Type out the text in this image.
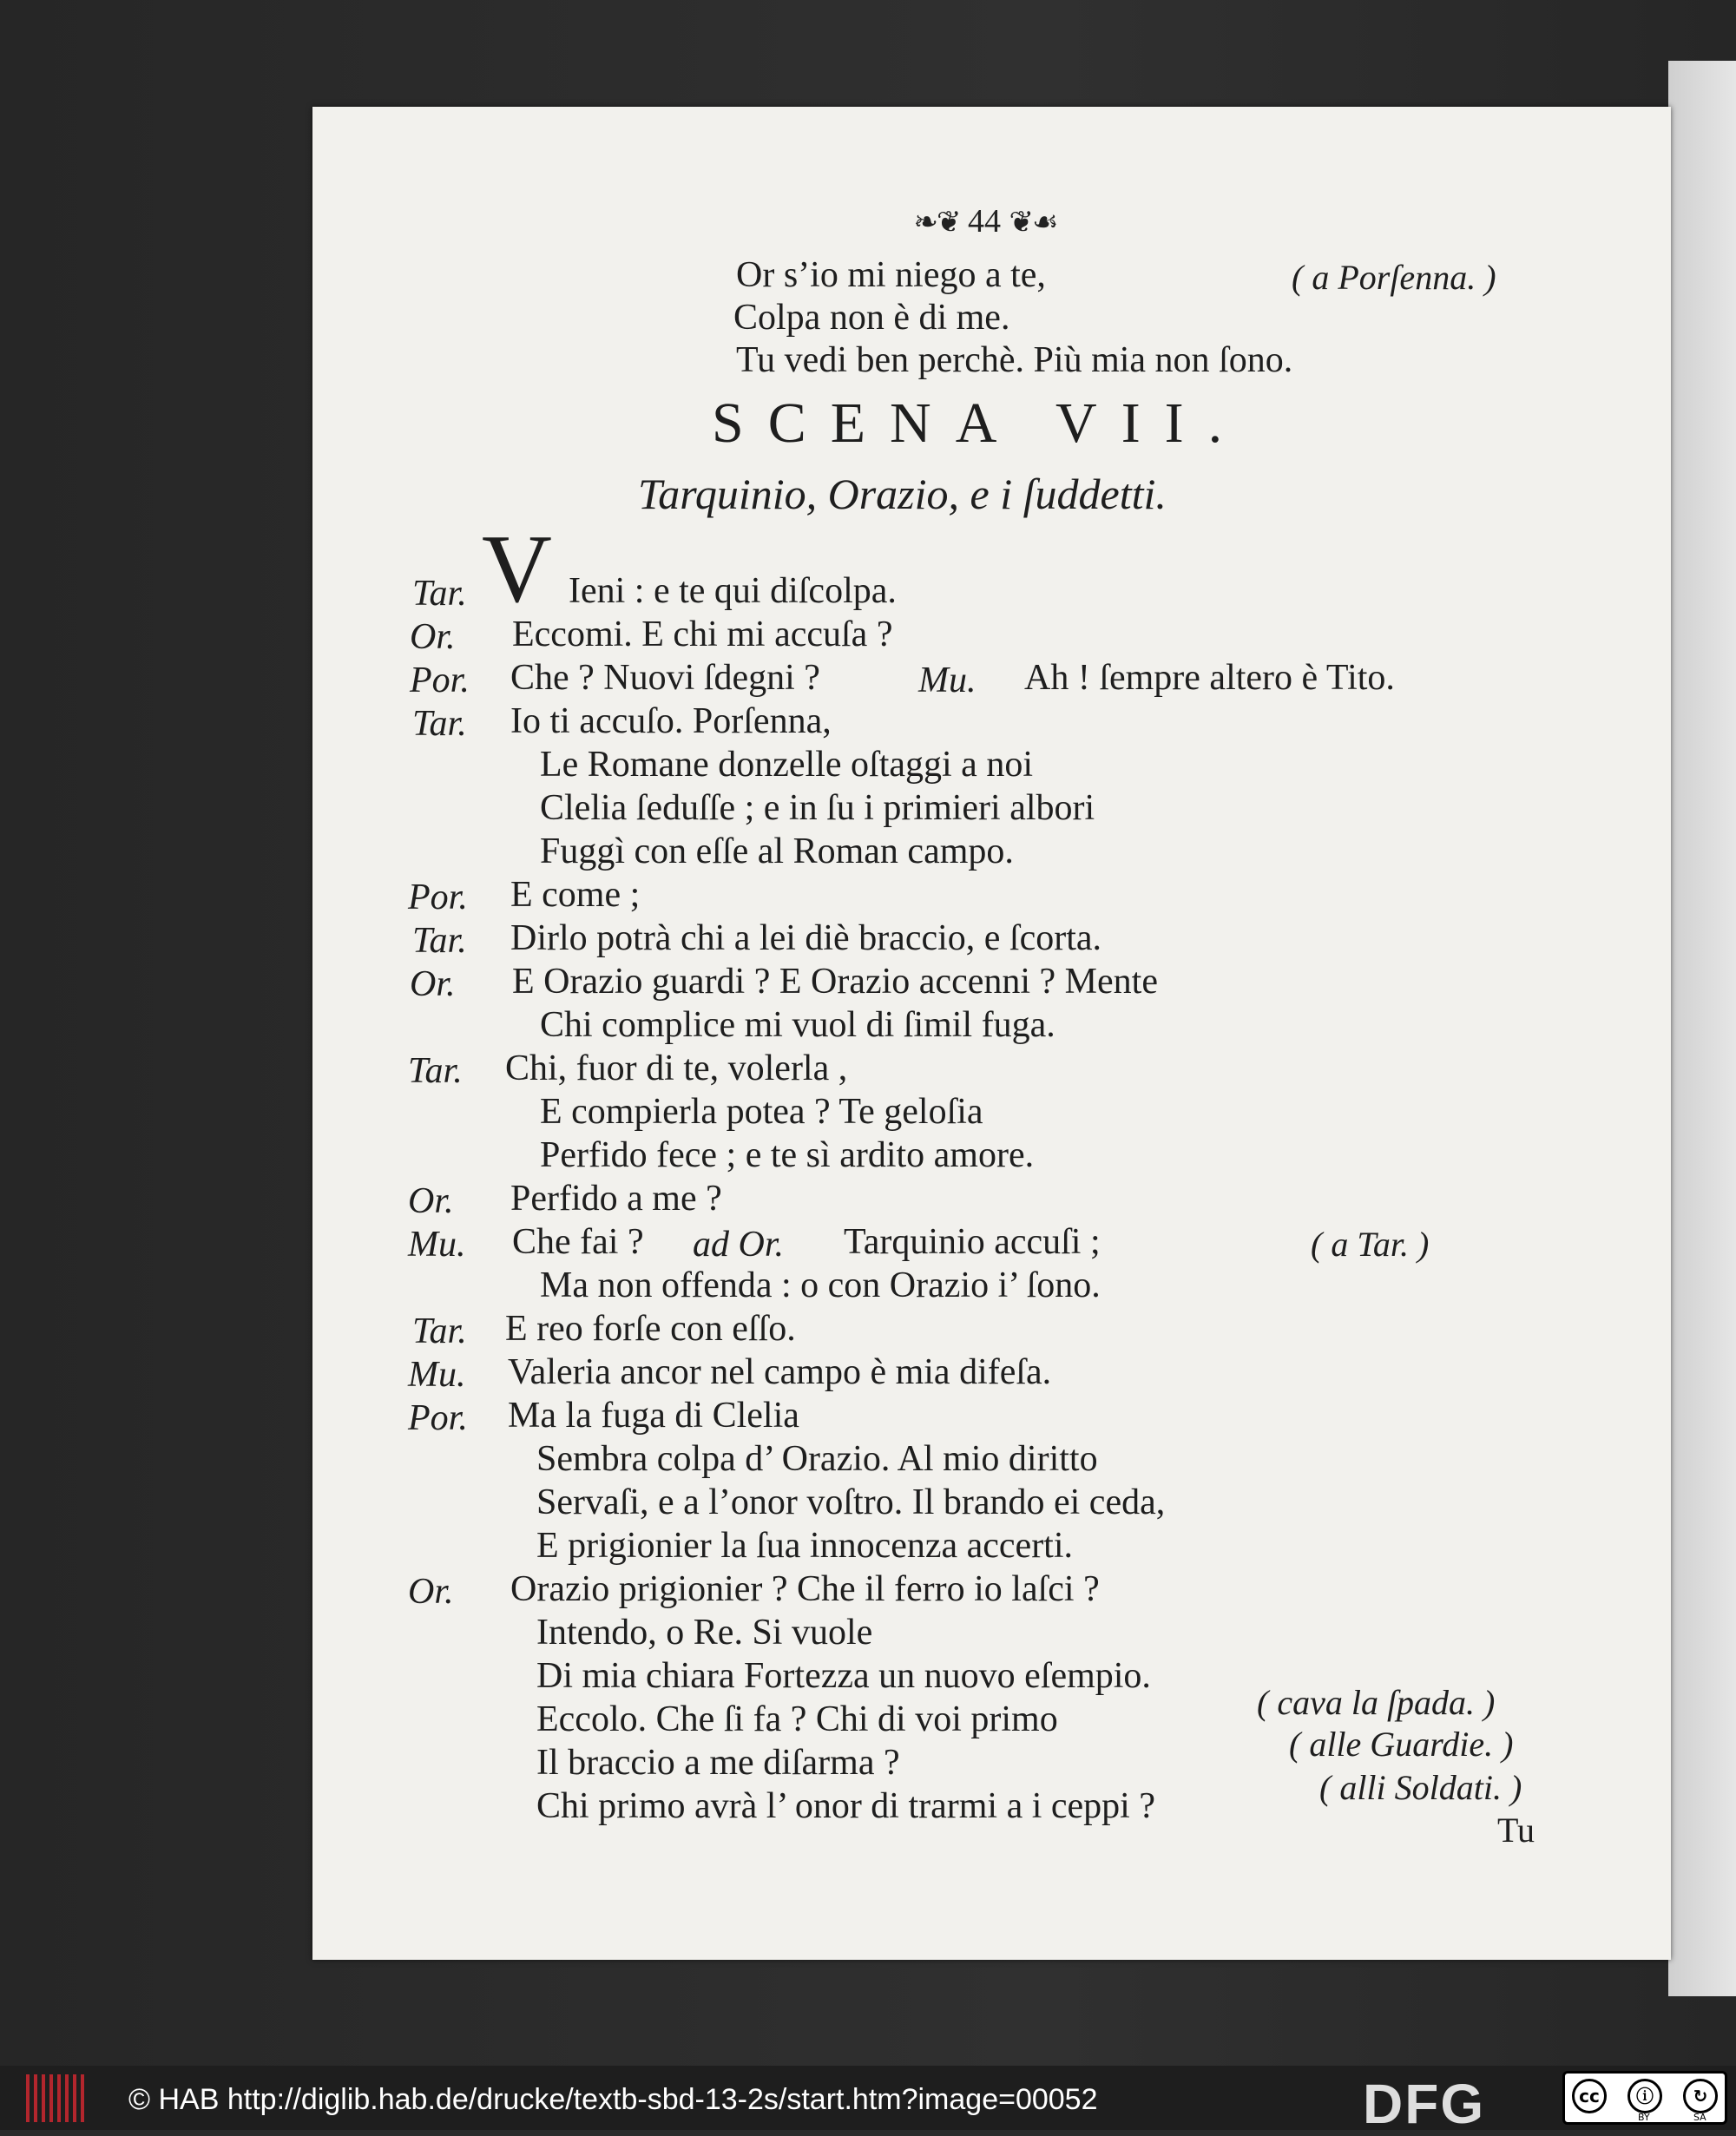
❧❦ 44 ❦☙
Or s’io mi niego a te,	( a Porſenna. )
Colpa non è di me.
Tu vedi ben perchè. Più mia non ſono.
SCENA VII.
Tarquinio, Orazio, e i ſuddetti.
V
Tar.	Ieni : e te qui diſcolpa.
Or. Eccomi. E chi mi accuſa ?
Por. Che ? Nuovi ſdegni ?	Mu. Ah ! ſempre altero è Tito.
Tar. Io ti accuſo. Porſenna,
Le Romane donzelle oſtaggi a noi
Clelia ſeduſſe ; e in ſu i primieri albori
Fuggì con eſſe al Roman campo.
Por. E come ;
Tar. Dirlo potrà chi a lei diè braccio, e ſcorta.
Or. E Orazio guardi ? E Orazio accenni ? Mente
Chi complice mi vuol di ſimil fuga.
Tar. Chi, fuor di te, volerla ,
E compierla potea ? Te geloſia
Perfido fece ; e te sì ardito amore.
Or. Perfido a me ?
Mu. Che fai ? ad Or. Tarquinio accuſi ;	( a Tar. )
Ma non offenda : o con Orazio i’ ſono.
Tar. E reo forſe con eſſo.
Mu. Valeria ancor nel campo è mia difeſa.
Por. Ma la fuga di Clelia
Sembra colpa d’ Orazio. Al mio diritto
Servaſi, e a l’onor voſtro. Il brando ei ceda,
E prigionier la ſua innocenza accerti.
Or. Orazio prigionier ? Che il ferro io laſci ?
Intendo, o Re. Si vuole
Di mia chiara Fortezza un nuovo eſempio.
Eccolo. Che ſi fa ? Chi di voi primo	( cava la ſpada. )
Il braccio a me diſarma ?	( alle Guardie. )
Chi primo avrà l’ onor di trarmi a i ceppi ?	( alli Soldati. )
Tu
© HAB http://diglib.hab.de/drucke/textb-sbd-13-2s/start.htm?image=00052	DFG	cc	ⓘ	↻
BY	SA
